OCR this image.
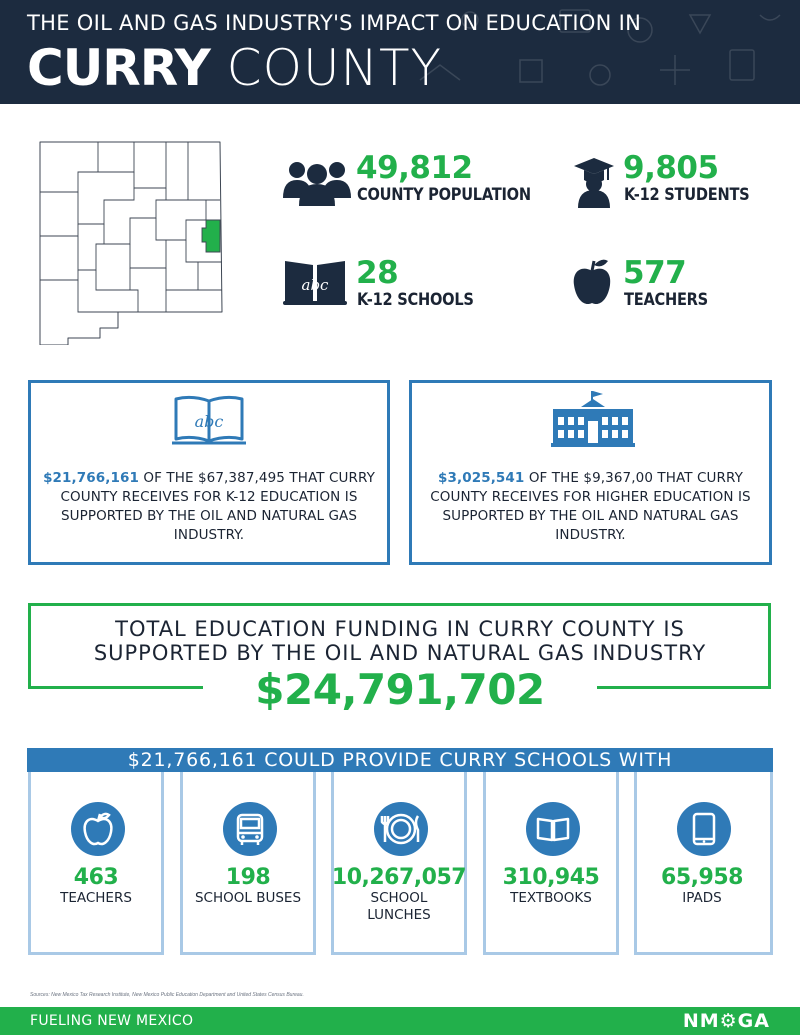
THE OIL AND GAS INDUSTRY'S IMPACT ON EDUCATION IN
CURRY COUNTY
49,812
COUNTY POPULATION
9,805
K-12 STUDENTS
abc 28
K-12 SCHOOLS
577
TEACHERS
abc
$21,766,161 OF THE $67,387,495 THAT CURRY
COUNTY RECEIVES FOR K-12 EDUCATION IS
SUPPORTED BY THE OIL AND NATURAL GAS
INDUSTRY.
$3,025,541 OF THE $9,367,00 THAT CURRY
COUNTY RECEIVES FOR HIGHER EDUCATION IS
SUPPORTED BY THE OIL AND NATURAL GAS
INDUSTRY.
TOTAL EDUCATION FUNDING IN CURRY COUNTY IS
SUPPORTED BY THE OIL AND NATURAL GAS INDUSTRY
$24,791,702
$21,766,161 COULD PROVIDE CURRY SCHOOLS WITH
463
TEACHERS
198
SCHOOL BUSES
10,267,057
SCHOOL
LUNCHES
310,945
TEXTBOOKS
65,958
IPADS
Sources: New Mexico Tax Research Institute, New Mexico Public Education Department and United States Census Bureau.
FUELING NEW MEXICO	NM⚙GA
